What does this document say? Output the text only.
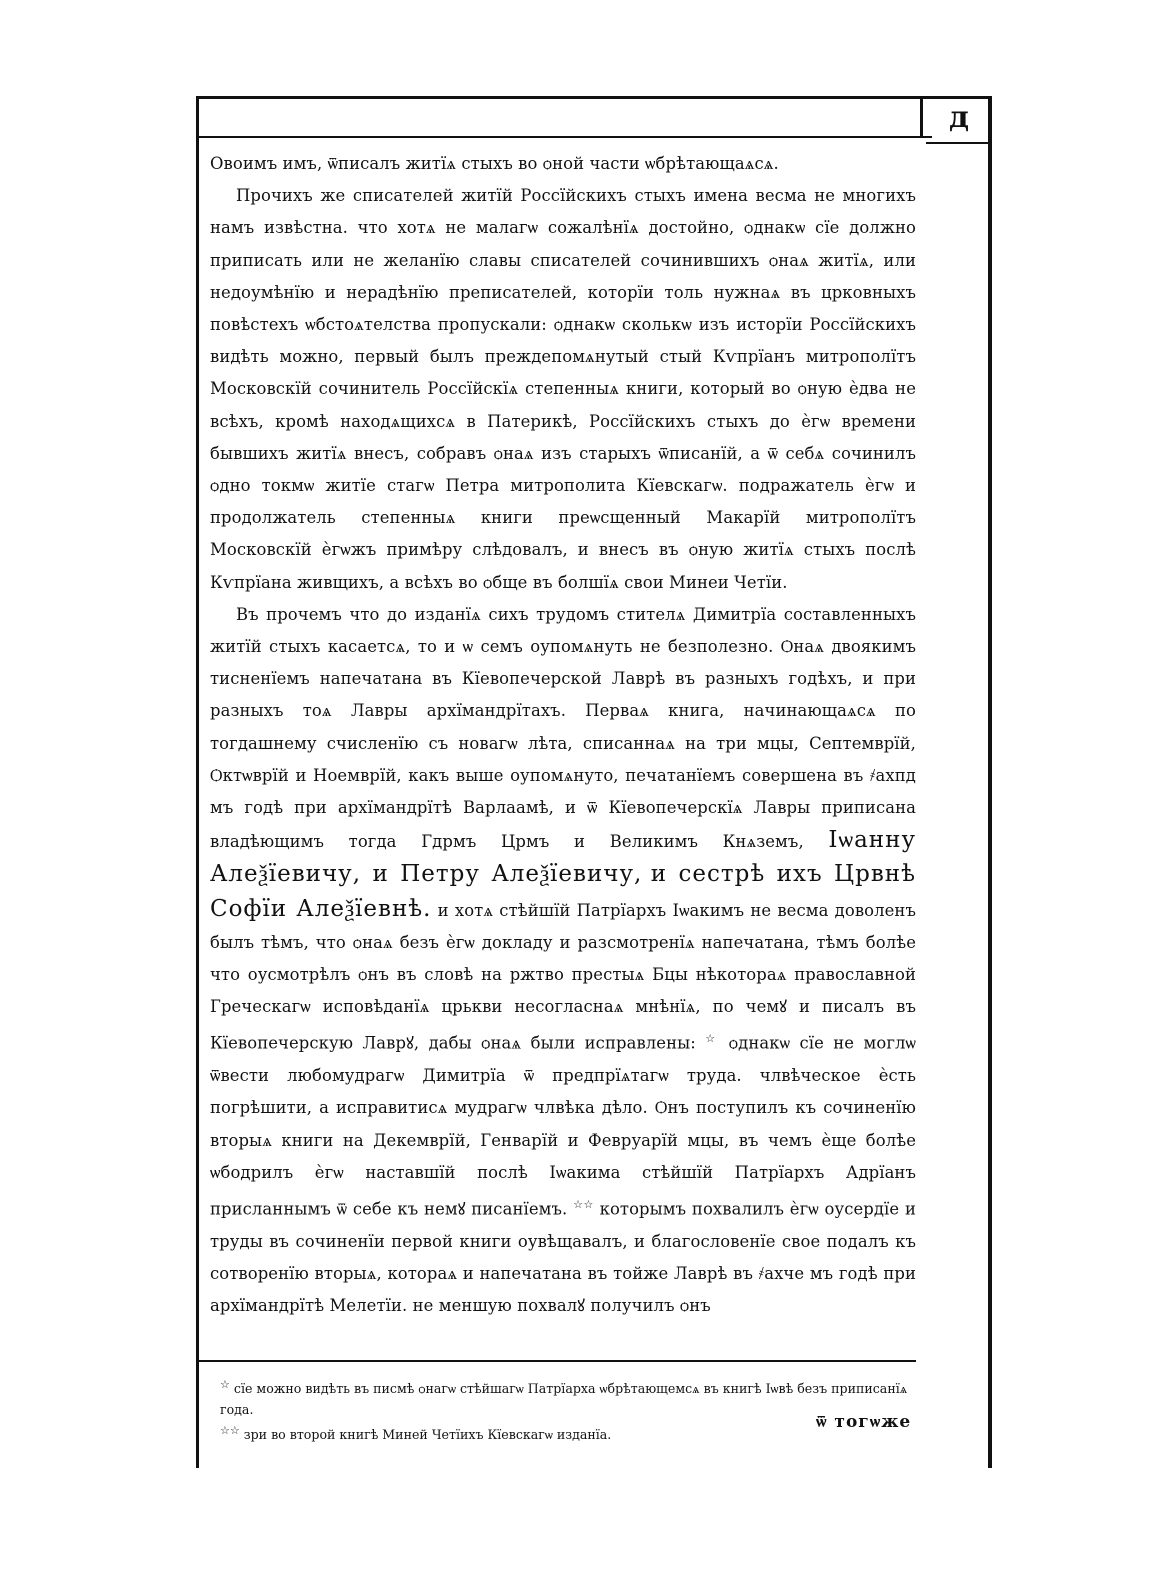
д

Овоимъ имъ, ѿписалъ житїѧ стыхъ во ѻной части ѡбрѣтающаѧсѧ.

Прочихъ же списателей житїй Россїйскихъ стыхъ имена весма не многихъ намъ извѣстна. что хотѧ не малагѡ сожалѣнїѧ достойно, ѻднакѡ сїе должно приписать или не желанїю славы списателей сочинившихъ ѻнаѧ житїѧ, или недоумѣнїю и нерадѣнїю преписателей, которїи толь нужнаѧ въ црковныхъ повѣстехъ ѡбстоѧтелства пропускали: ѻднакѡ сколькѡ изъ исторїи Россїйскихъ видѣть можно, первый былъ преждепомѧнутый стый Кѵпрїанъ митрополїтъ Московскїй сочинитель Россїйскїѧ степенныѧ книги, который во ѻную ѐдва не всѣхъ, кромѣ находѧщихсѧ в Патерикѣ, Россїйскихъ стыхъ до ѐгѡ времени бывшихъ житїѧ внесъ, собравъ ѻнаѧ изъ старыхъ ѿписанїй, а ѿ себѧ сочинилъ ѻдно токмѡ житїе стагѡ Петра митрополита Кїевскагѡ. подражатель ѐгѡ и продолжатель степенныѧ книги преѡсщенный Макарїй митрополїтъ Московскїй ѐгѡжъ примѣру слѣдовалъ, и внесъ въ ѻную житїѧ стыхъ послѣ Кѵпрїана живщихъ, а всѣхъ во ѻбще въ болшїѧ свои Минеи Четїи.

Въ прочемъ что до изданїѧ сихъ трудомъ стителѧ Димитрїа составленныхъ житїй стыхъ касаетсѧ, то и ѡ семъ оупомѧнуть не безполезно. Ѻнаѧ двоякимъ тисненїемъ напечатана въ Кїевопечерской Лаврѣ въ разныхъ годѣхъ, и при разныхъ тоѧ Лавры архїмандрїтахъ. Перваѧ книга, начинающаѧсѧ по тогдашнему счисленїю съ новагѡ лѣта, списаннаѧ на три мцы, Септемврїй, Ѻктѡврїй и Ноемврїй, какъ выше оупомѧнуто, печатанїемъ совершена въ ҂ахпд мъ годѣ при архїмандрїтѣ Варлаамѣ, и ѿ Кїевопечерскїѧ Лавры приписана владѣющимъ тогда Гдрмъ Црмъ и Великимъ Кнѧземъ, Іѡанну Алеѯїевичу, и Петру Алеѯїевичу, и сестрѣ ихъ Црвнѣ Софїи Алеѯїевнѣ. и хотѧ стѣйшїй Патрїархъ Іѡакимъ не весма доволенъ былъ тѣмъ, что ѻнаѧ безъ ѐгѡ докладу и разсмотренїѧ напечатана, тѣмъ болѣе что оусмотрѣлъ ѻнъ въ словѣ на ржтво престыѧ Бцы нѣкотораѧ православной Греческагѡ исповѣданїѧ црькви несогласнаѧ мнѣнїѧ, по чемꙋ и писалъ въ Кїевопечерскую Лаврꙋ, дабы ѻнаѧ были исправлены: ☆ ѻднакѡ сїе не моглѡ ѿвести любомудрагѡ Димитрїа ѿ предпрїѧтагѡ труда. члвѣческое ѐсть погрѣшити, а исправитисѧ мудрагѡ члвѣка дѣло. Ѻнъ поступилъ къ сочиненїю вторыѧ книги на Декемврїй, Генварїй и Февруарїй мцы, въ чемъ ѐще болѣе ѡбодрилъ ѐгѡ наставшїй послѣ Іѡакима стѣйшїй Патрїархъ Адрїанъ присланнымъ ѿ себе къ немꙋ писанїемъ. ☆☆ которымъ похвалилъ ѐгѡ оусердїе и труды въ сочиненїи первой книги оувѣщавалъ, и благословенїе свое подалъ къ сотворенїю вторыѧ, котораѧ и напечатана въ тойже Лаврѣ въ ҂ахче мъ годѣ при архїмандрїтѣ Мелетїи. не меншую похвалꙋ получилъ ѻнъ

☆ сїе можно видѣть въ писмѣ ѻнагѡ стѣйшагѡ Патрїарха ѡбрѣтающемсѧ въ книгѣ Іѡвѣ безъ приписанїѧ года.

☆☆ зри во второй книгѣ Миней Четїихъ Кїевскагѡ изданїа.

ѿ тогѡже
